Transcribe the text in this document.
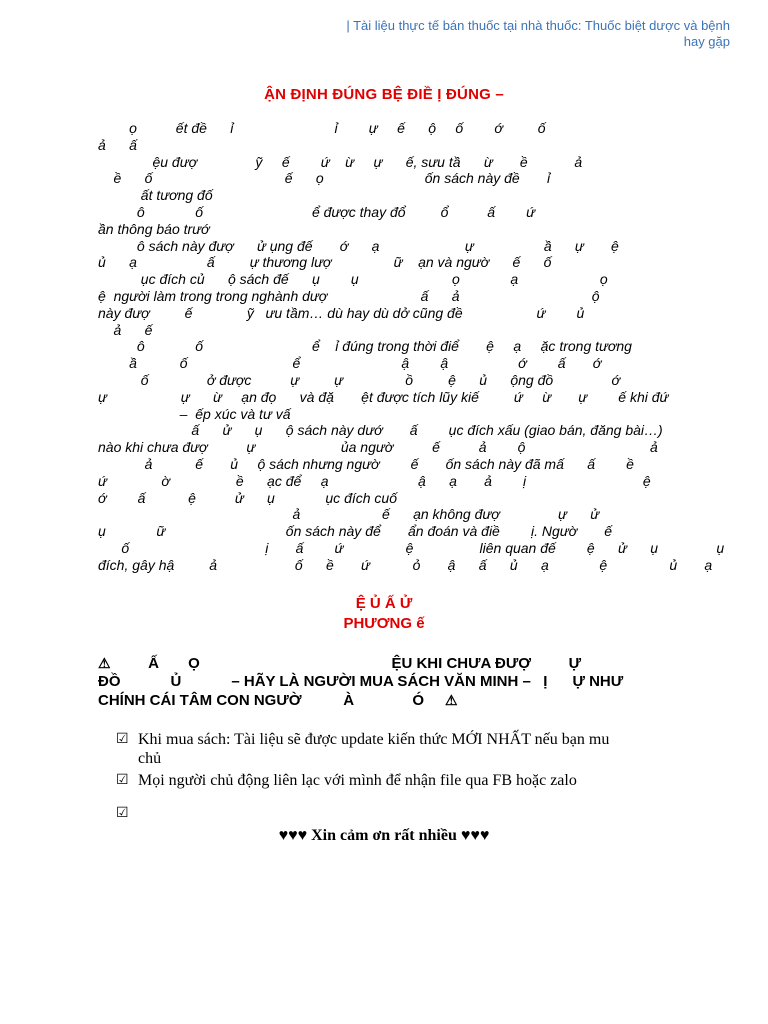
| Tài liệu thực tế bán thuốc tại nhà thuốc: Thuốc biệt dược và bệnh
hay gặp
ẬN ĐỊNH ĐÚNG BỆ ĐIỀ Ị ĐÚNG –
ọ          ết đề      ỉ                          ỉ        ự     ế      ộ     ố        ớ         ố
ả      ấ
ệu đượ               ỹ     ế        ứ    ừ     ự      ế, sưu tầ      ừ       ề            ả
ề      ố                                  ế      ọ                          ốn sách này đề       ỉ
ất tương đố
ô             ố                            ể được thay đổ         ổ          ấ        ứ
ần thông báo trướ
ô sách này đượ      ử ụng đế       ớ      ạ                      ự                  ầ      ự       ệ
ủ      ạ                  ấ         ự thương lượ                ữ    ạn và ngườ      ế      ố
ục đích củ      ộ sách đế      ụ        ụ                        ọ             ạ                     ọ
ệ  người làm trong trong nghành dượ                        ấ      ả                                  ộ
này đượ         ế              ỹ   ưu tầm… dù hay dù dở cũng đề                   ứ        ủ
ả      ế
ô             ố                            ể    ỉ đúng trong thời điể       ệ     ạ     ặc trong tương
ầ           ố                           ể                          ậ        ậ                  ớ        ấ       ớ
ố               ở được          ự         ự                ồ         ệ      ủ      ộng đồ               ớ
ự                   ự      ừ     ạn đọ      và đặ       ệt được tích lũy kiế         ứ     ừ       ự        ế khi đứ
–  ếp xúc và tư vấ
ấ      ử      ụ      ộ sách này dướ       ấ        ục đích xấu (giao bán, đăng bài…)
nào khi chưa đượ          ự                      ủa ngườ          ế          ả        ộ                                ả
ả           ế       ủ     ộ sách nhưng ngườ        ế       ốn sách này đã mấ      ấ        ề
ứ              ờ                 ề      ạc để     ạ                       ậ      ạ       ả        ị                              ệ
ớ        ấ           ệ          ử      ụ             ục đích cuố
ả                     ế      ạn không đượ               ự      ử
ụ             ữ                               ốn sách này để       ẩn đoán và điề        ị. Ngườ       ế
ố                                   ị       ấ        ứ                ệ                 liên quan đế        ệ      ử      ụ               ụ
đích, gây hậ         ả                    ố      ề       ứ           ỏ       ậ      ấ      ủ      ạ             ệ                ủ       ạ
Ệ Ủ Ấ Ử
PHƯƠNG ế
⚠         Ấ       Ọ                                              ỆU KHI CHƯA ĐƯỢ         Ự
ĐỒ            Ủ            – HÃY LÀ NGƯỜI MUA SÁCH VĂN MINH –   Ị      Ự NHƯ
CHÍNH CÁI TÂM CON NGƯỜ          À              Ó ⚠
☑ Khi mua sách: Tài liệu sẽ được update kiến thức MỚI NHẤT nếu bạn mu
chủ
☑ Mọi người chủ động liên lạc với mình để nhận file qua FB hoặc zalo
☑
♥♥♥ Xin cảm ơn rất nhiều ♥♥♥
